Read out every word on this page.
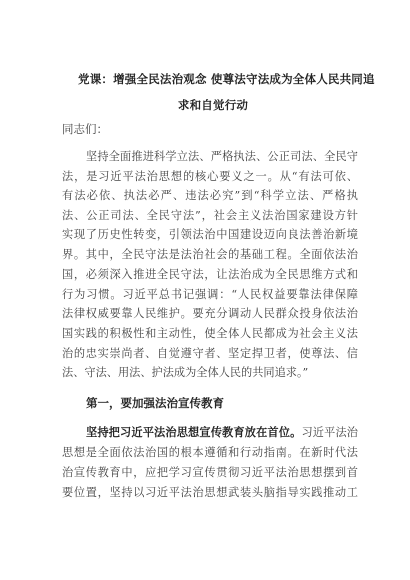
党课：增强全民法治观念 使尊法守法成为全体人民共同追
求和自觉行动
同志们：
坚持全面推进科学立法、严格执法、公正司法、全民守
法，是习近平法治思想的核心要义之一。从“有法可依、
有法必依、执法必严、违法必究”到“科学立法、严格执
法、公正司法、全民守法”，社会主义法治国家建设方针
实现了历史性转变，引领法治中国建设迈向良法善治新境
界。其中，全民守法是法治社会的基础工程。全面依法治
国，必须深入推进全民守法，让法治成为全民思维方式和
行为习惯。习近平总书记强调：“人民权益要靠法律保障
法律权威要靠人民维护。要充分调动人民群众投身依法治
国实践的积极性和主动性，使全体人民都成为社会主义法
治的忠实崇尚者、自觉遵守者、坚定捍卫者，使尊法、信
法、守法、用法、护法成为全体人民的共同追求。”
第一，要加强法治宣传教育
坚持把习近平法治思想宣传教育放在首位。习近平法治
思想是全面依法治国的根本遵循和行动指南。在新时代法
治宣传教育中，应把学习宣传贯彻习近平法治思想摆到首
要位置，坚持以习近平法治思想武装头脑指导实践推动工
